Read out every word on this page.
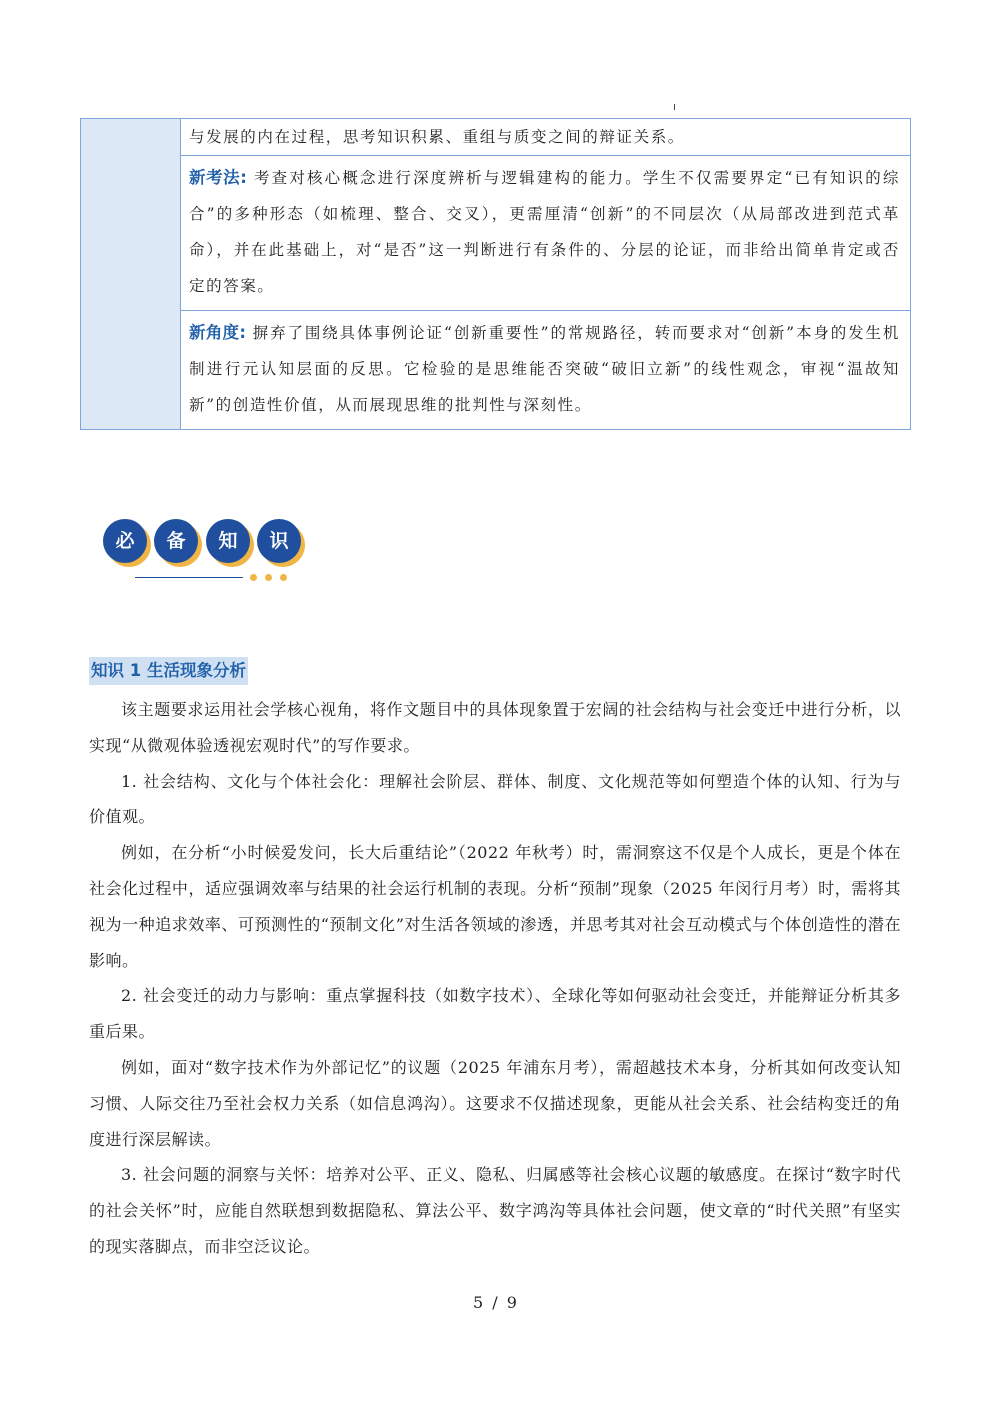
与发展的内在过程，思考知识积累、重组与质变之间的辩证关系。
新考法: 考查对核心概念进行深度辨析与逻辑建构的能力。学生不仅需要界定“已有知识的综合”的多种形态（如梳理、整合、交叉），更需厘清“创新”的不同层次（从局部改进到范式革命），并在此基础上，对“是否”这一判断进行有条件的、分层的论证，而非给出简单肯定或否定的答案。
新角度: 摒弃了围绕具体事例论证“创新重要性”的常规路径，转而要求对“创新”本身的发生机制进行元认知层面的反思。它检验的是思维能否突破“破旧立新”的线性观念，审视“温故知新”的创造性价值，从而展现思维的批判性与深刻性。
必	备	知	识
知识 1 生活现象分析

该主题要求运用社会学核心视角，将作文题目中的具体现象置于宏阔的社会结构与社会变迁中进行分析，以实现“从微观体验透视宏观时代”的写作要求。

1. 社会结构、文化与个体社会化：理解社会阶层、群体、制度、文化规范等如何塑造个体的认知、行为与价值观。

例如，在分析“小时候爱发问，长大后重结论”（2022 年秋考）时，需洞察这不仅是个人成长，更是个体在社会化过程中，适应强调效率与结果的社会运行机制的表现。分析“预制”现象（2025 年闵行月考）时，需将其视为一种追求效率、可预测性的“预制文化”对生活各领域的渗透，并思考其对社会互动模式与个体创造性的潜在影响。

2. 社会变迁的动力与影响：重点掌握科技（如数字技术）、全球化等如何驱动社会变迁，并能辩证分析其多重后果。

例如，面对“数字技术作为外部记忆”的议题（2025 年浦东月考），需超越技术本身，分析其如何改变认知习惯、人际交往乃至社会权力关系（如信息鸿沟）。这要求不仅描述现象，更能从社会关系、社会结构变迁的角度进行深层解读。

3. 社会问题的洞察与关怀：培养对公平、正义、隐私、归属感等社会核心议题的敏感度。在探讨“数字时代的社会关怀”时，应能自然联想到数据隐私、算法公平、数字鸿沟等具体社会问题，使文章的“时代关照”有坚实的现实落脚点，而非空泛议论。

5 / 9
